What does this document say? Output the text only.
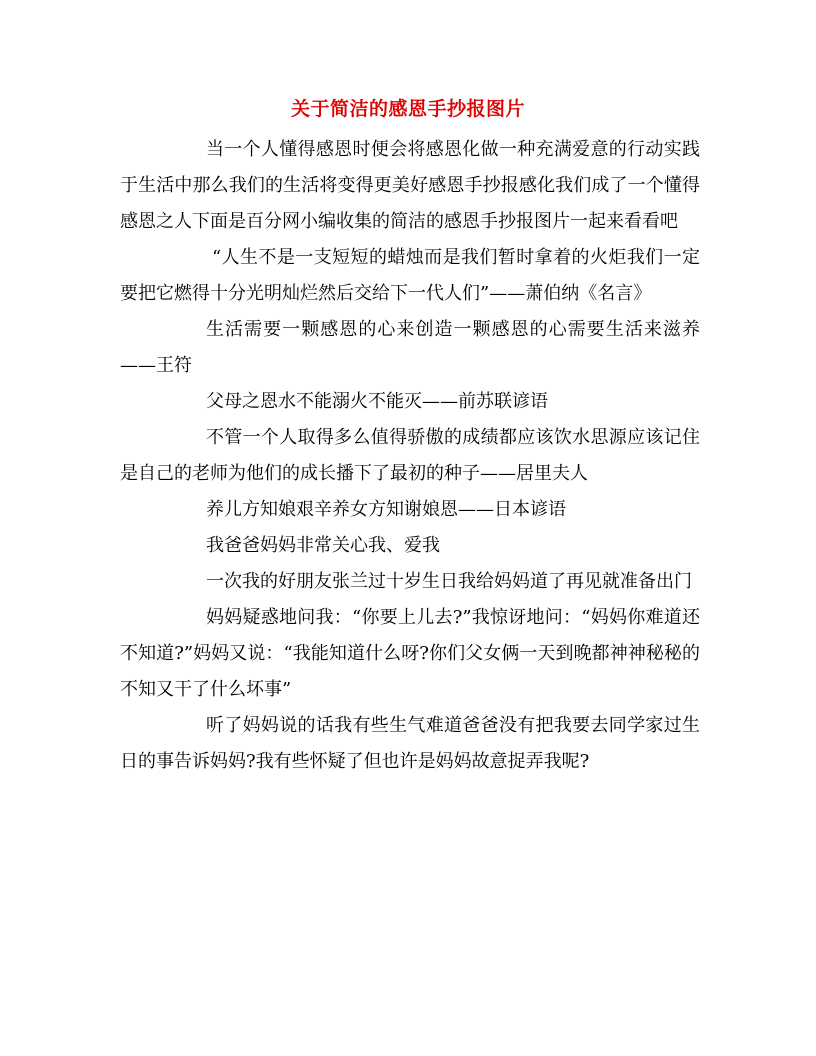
关于简洁的感恩手抄报图片

当一个人懂得感恩时便会将感恩化做一种充满爱意的行动实践于生活中那么我们的生活将变得更美好感恩手抄报感化我们成了一个懂得感恩之人下面是百分网小编收集的简洁的感恩手抄报图片一起来看看吧

“人生不是一支短短的蜡烛而是我们暂时拿着的火炬我们一定要把它燃得十分光明灿烂然后交给下一代人们”——萧伯纳《名言》

生活需要一颗感恩的心来创造一颗感恩的心需要生活来滋养——王符

父母之恩水不能溺火不能灭——前苏联谚语

不管一个人取得多么值得骄傲的成绩都应该饮水思源应该记住是自己的老师为他们的成长播下了最初的种子——居里夫人

养儿方知娘艰辛养女方知谢娘恩——日本谚语

我爸爸妈妈非常关心我、爱我

一次我的好朋友张兰过十岁生日我给妈妈道了再见就准备出门

妈妈疑惑地问我：“你要上儿去?”我惊讶地问：“妈妈你难道还不知道?”妈妈又说：“我能知道什么呀?你们父女俩一天到晚都神神秘秘的不知又干了什么坏事”

听了妈妈说的话我有些生气难道爸爸没有把我要去同学家过生日的事告诉妈妈?我有些怀疑了但也许是妈妈故意捉弄我呢?
